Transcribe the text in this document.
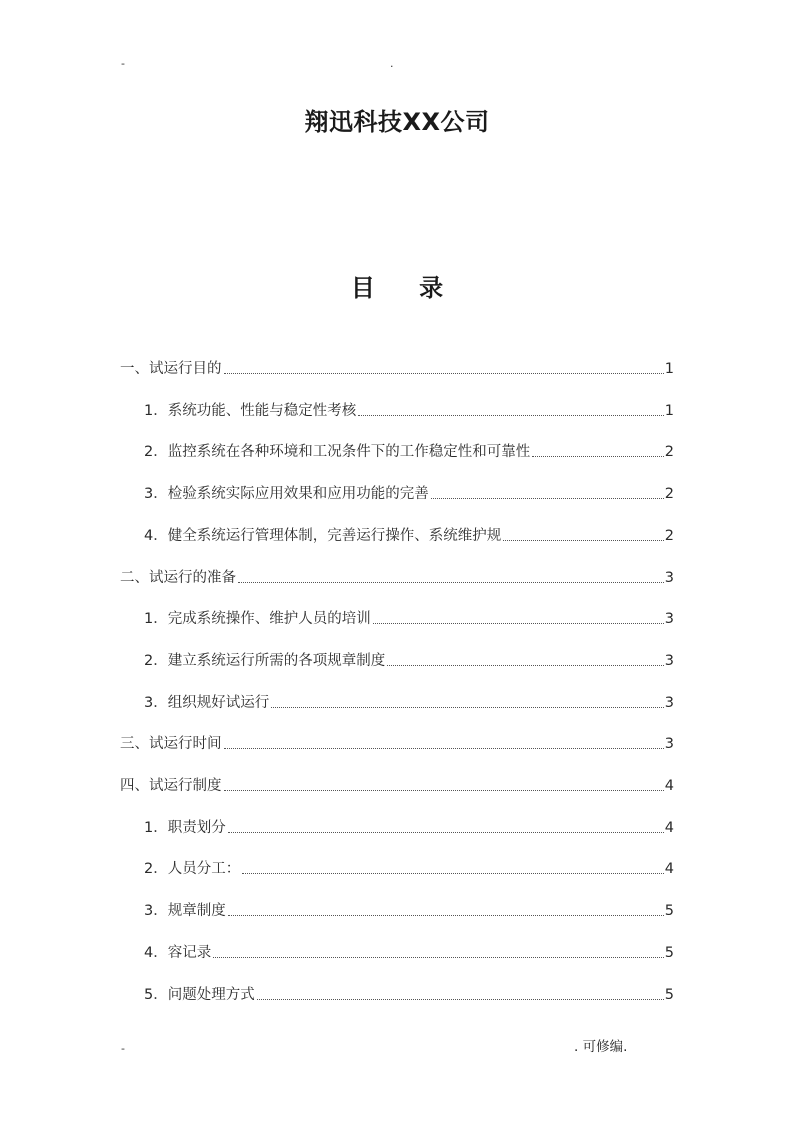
-	.
翔迅科技XX公司
目 录
一、试运行目的	1
1．系统功能、性能与稳定性考核	1
2．监控系统在各种环境和工况条件下的工作稳定性和可靠性	2
3．检验系统实际应用效果和应用功能的完善	2
4．健全系统运行管理体制，完善运行操作、系统维护规	2
二、试运行的准备	3
1．完成系统操作、维护人员的培训	3
2．建立系统运行所需的各项规章制度	3
3．组织规好试运行	3
三、试运行时间	3
四、试运行制度	4
1．职责划分	4
2．人员分工：	4
3．规章制度	5
4．容记录	5
5．问题处理方式	5
-	. 可修编.
